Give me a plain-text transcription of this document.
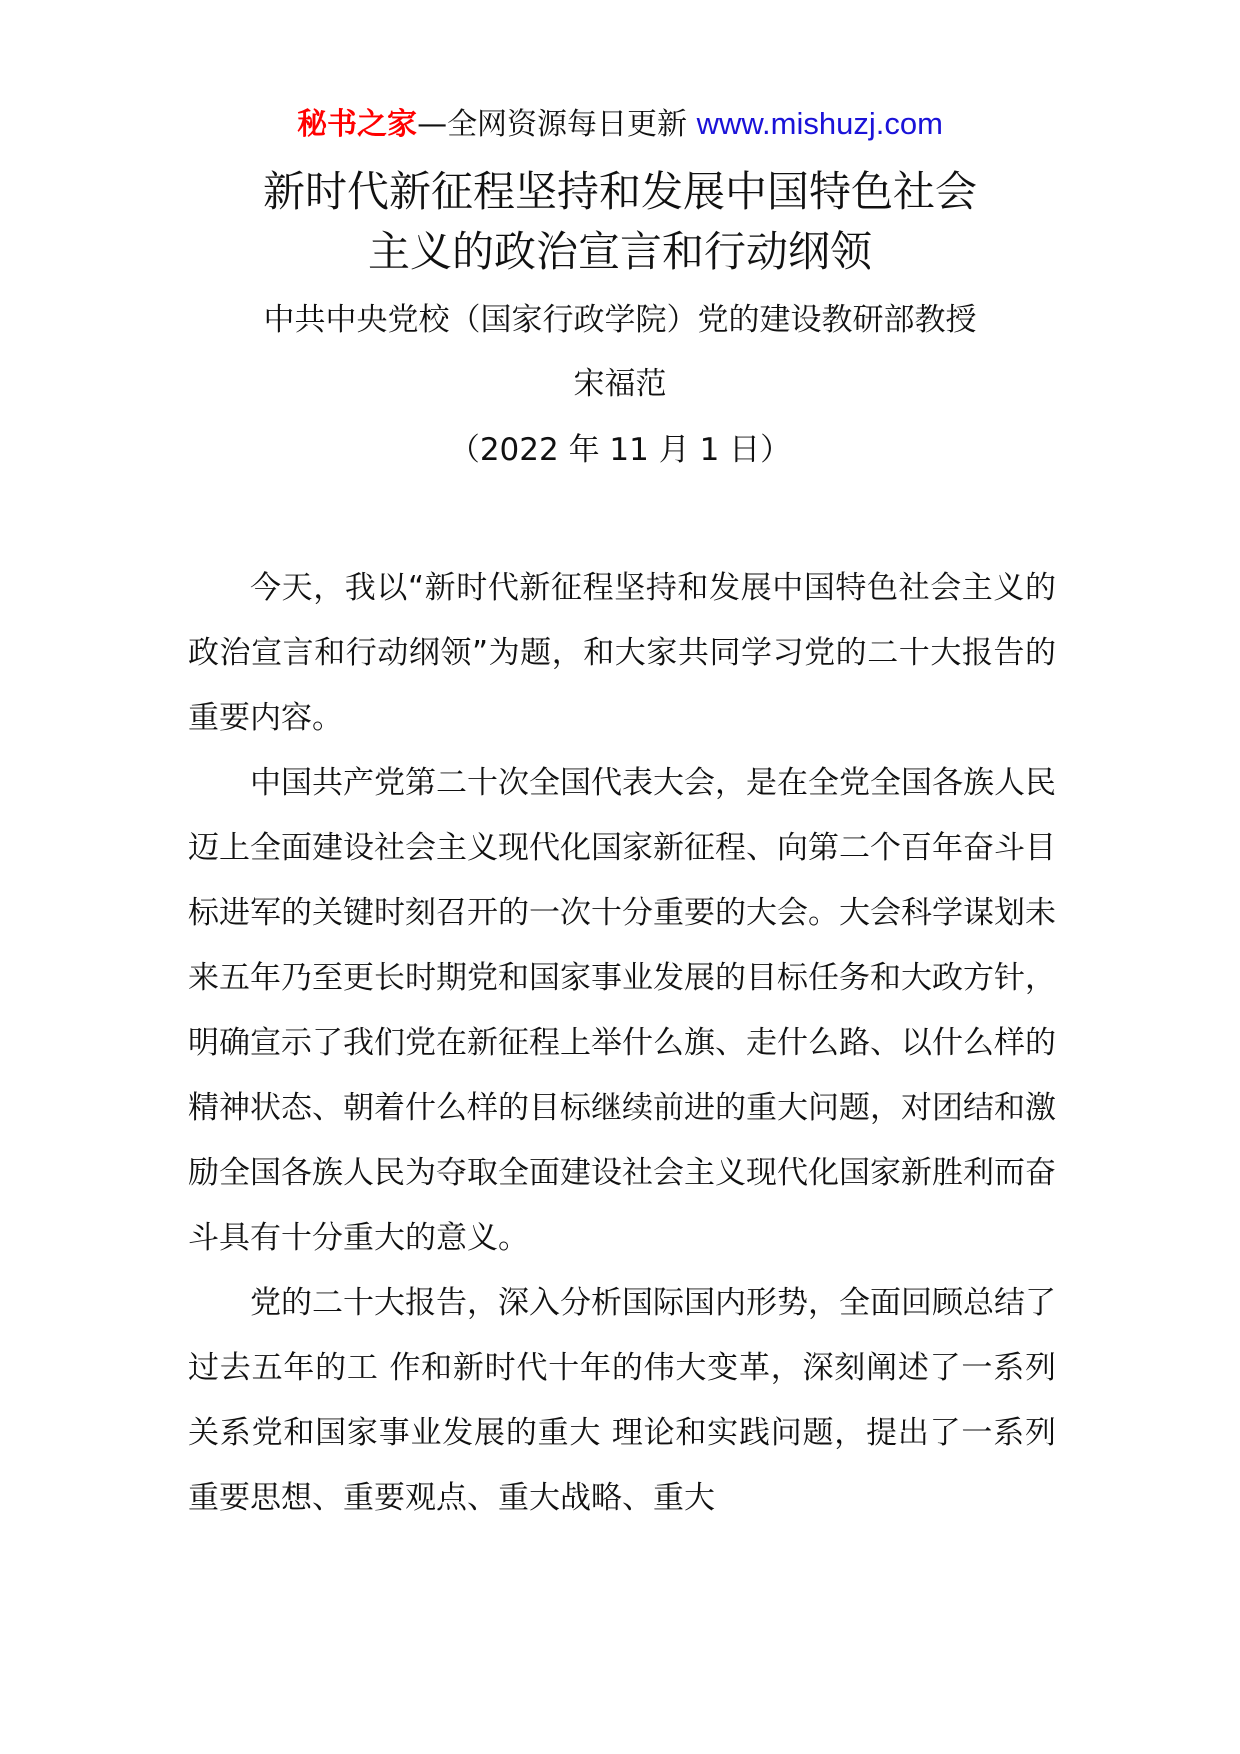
秘书之家—全网资源每日更新 www.mishuzj.com
新时代新征程坚持和发展中国特色社会
主义的政治宣言和行动纲领
中共中央党校（国家行政学院）党的建设教研部教授
宋福范
（2022 年 11 月 1 日）

今天，我以“新时代新征程坚持和发展中国特色社会主义的政治宣言和行动纲领”为题，和大家共同学习党的二十大报告的重要内容。

中国共产党第二十次全国代表大会，是在全党全国各族人民迈上全面建设社会主义现代化国家新征程、向第二个百年奋斗目标进军的关键时刻召开的一次十分重要的大会。大会科学谋划未来五年乃至更长时期党和国家事业发展的目标任务和大政方针，明确宣示了我们党在新征程上举什么旗、走什么路、以什么样的精神状态、朝着什么样的目标继续前进的重大问题，对团结和激励全国各族人民为夺取全面建设社会主义现代化国家新胜利而奋斗具有十分重大的意义。

党的二十大报告，深入分析国际国内形势，全面回顾总结了过去五年的工 作和新时代十年的伟大变革，深刻阐述了一系列关系党和国家事业发展的重大 理论和实践问题，提出了一系列重要思想、重要观点、重大战略、重大
